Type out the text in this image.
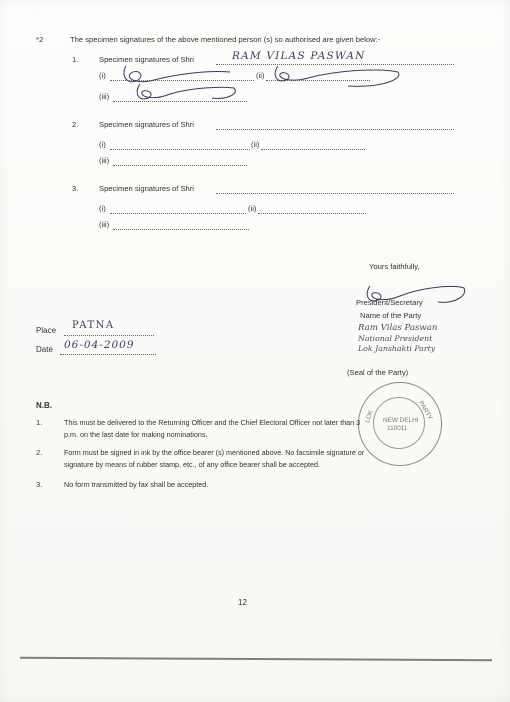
·
*2	The specimen signatures of the above mentioned person (s) so authorised are given below:-
1.	Specimen signatures of Shri	RAM VILAS PASWAN
(i)	(ii)
(iii)
2.	Specimen signatures of Shri
(i)	(ii)
(iii)
3.	Specimen signatures of Shri
(i)	(ii)
(iii)
Yours faithfully,
President/Secretary
Name of the Party
Ram Vilas Paswan
National President
Lok Janshakti Party
Place PATNA
Date 06-04-2009
(Seal of the Party)
LOK	PARTY
NEW DELHI
110011
N.B.
1.	This must be delivered to the Returning Officer and the Chief Electoral Officer not later than 3
p.m. on the last date for making nominations.
2.	Form must be signed in ink by the office bearer (s) mentioned above. No facsimile signature or
signature by means of rubber stamp, etc., of any office bearer shall be accepted.
3.	No form transmitted by fax shall be accepted.
12
